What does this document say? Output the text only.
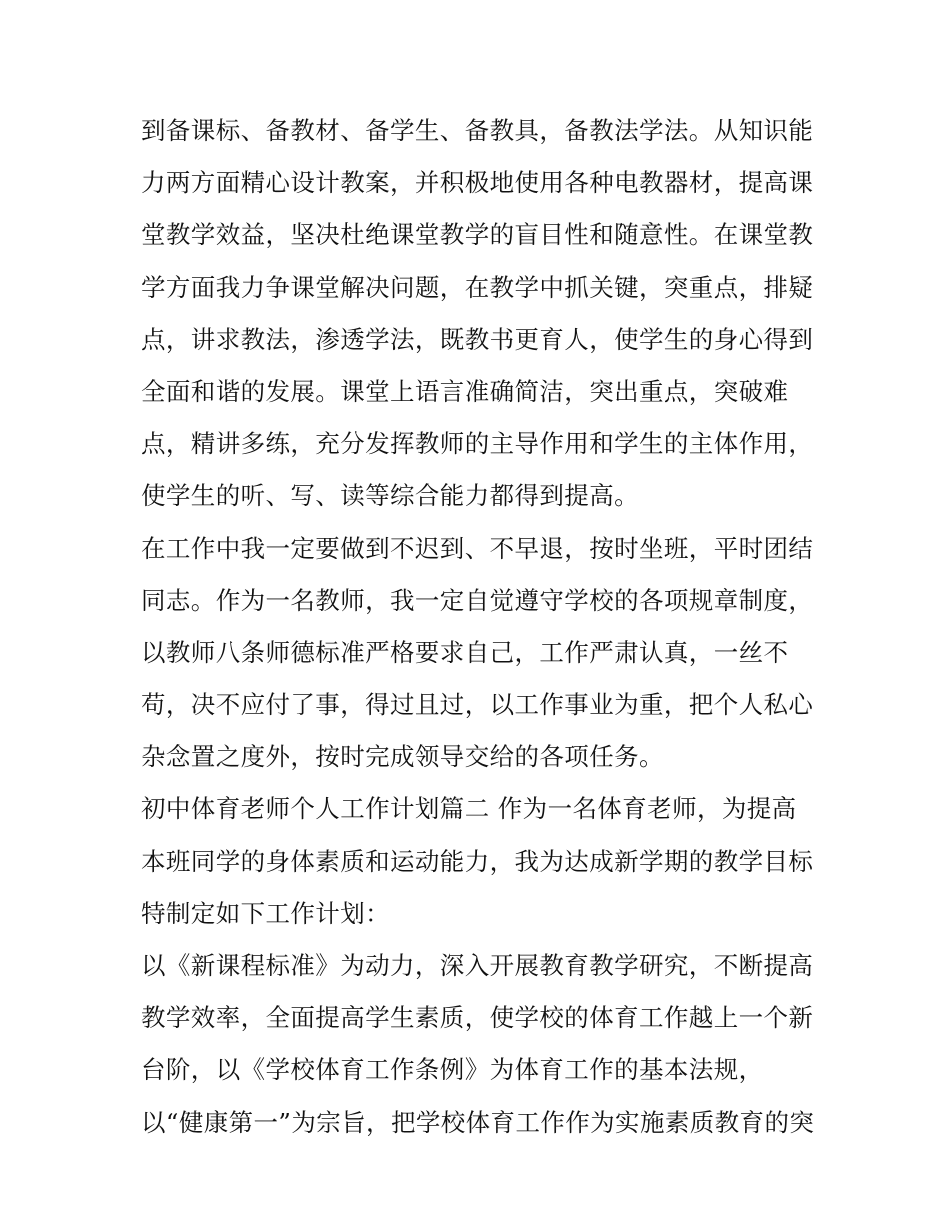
到备课标、备教材、备学生、备教具，备教法学法。从知识能
力两方面精心设计教案，并积极地使用各种电教器材，提高课
堂教学效益，坚决杜绝课堂教学的盲目性和随意性。在课堂教
学方面我力争课堂解决问题，在教学中抓关键，突重点，排疑
点，讲求教法，渗透学法，既教书更育人，使学生的身心得到
全面和谐的发展。课堂上语言准确简洁，突出重点，突破难
点，精讲多练，充分发挥教师的主导作用和学生的主体作用，
使学生的听、写、读等综合能力都得到提高。
在工作中我一定要做到不迟到、不早退，按时坐班，平时团结
同志。作为一名教师，我一定自觉遵守学校的各项规章制度，
以教师八条师德标准严格要求自己，工作严肃认真，一丝不
苟，决不应付了事，得过且过，以工作事业为重，把个人私心
杂念置之度外，按时完成领导交给的各项任务。
初中体育老师个人工作计划篇二 作为一名体育老师，为提高
本班同学的身体素质和运动能力，我为达成新学期的教学目标
特制定如下工作计划：
以《新课程标准》为动力，深入开展教育教学研究，不断提高
教学效率，全面提高学生素质，使学校的体育工作越上一个新
台阶，以《学校体育工作条例》为体育工作的基本法规，
以“健康第一”为宗旨，把学校体育工作作为实施素质教育的突
